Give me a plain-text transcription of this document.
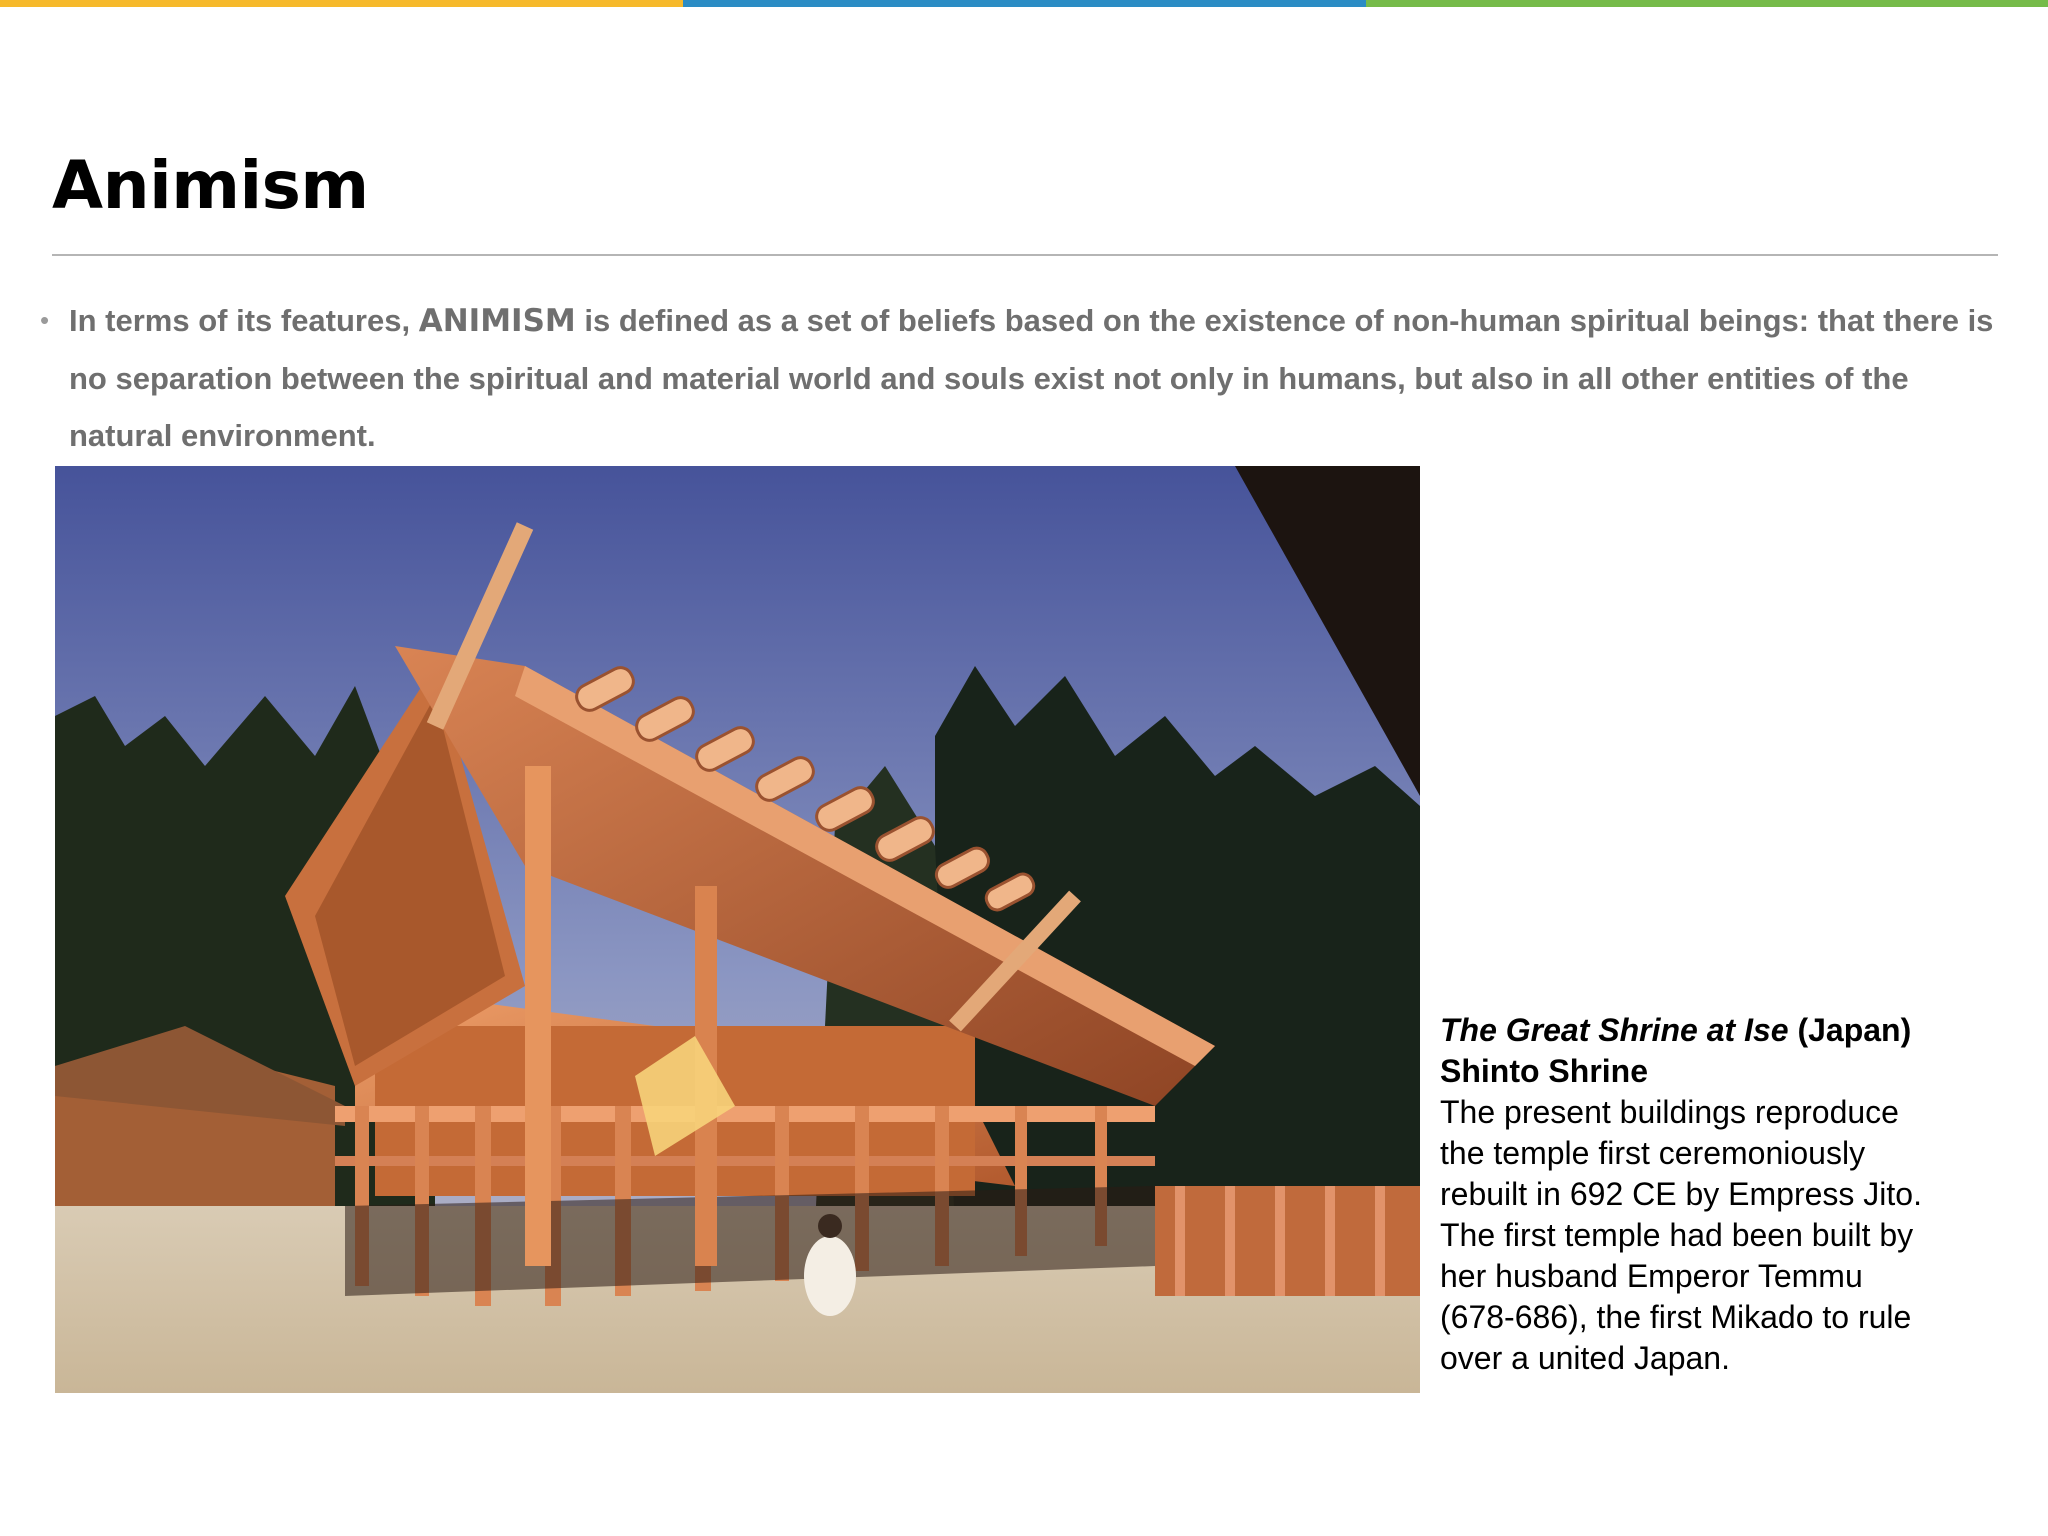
Animism
• In terms of its features, ANIMISM is defined as a set of beliefs based on the existence of non-human spiritual beings: that there is no separation between the spiritual and material world and souls exist not only in humans, but also in all other entities of the natural environment.

The Great Shrine at Ise (Japan)
Shinto Shrine
The present buildings reproduce
the temple first ceremoniously
rebuilt in 692 CE by Empress Jito.
The first temple had been built by
her husband Emperor Temmu
(678-686), the first Mikado to rule
over a united Japan.
